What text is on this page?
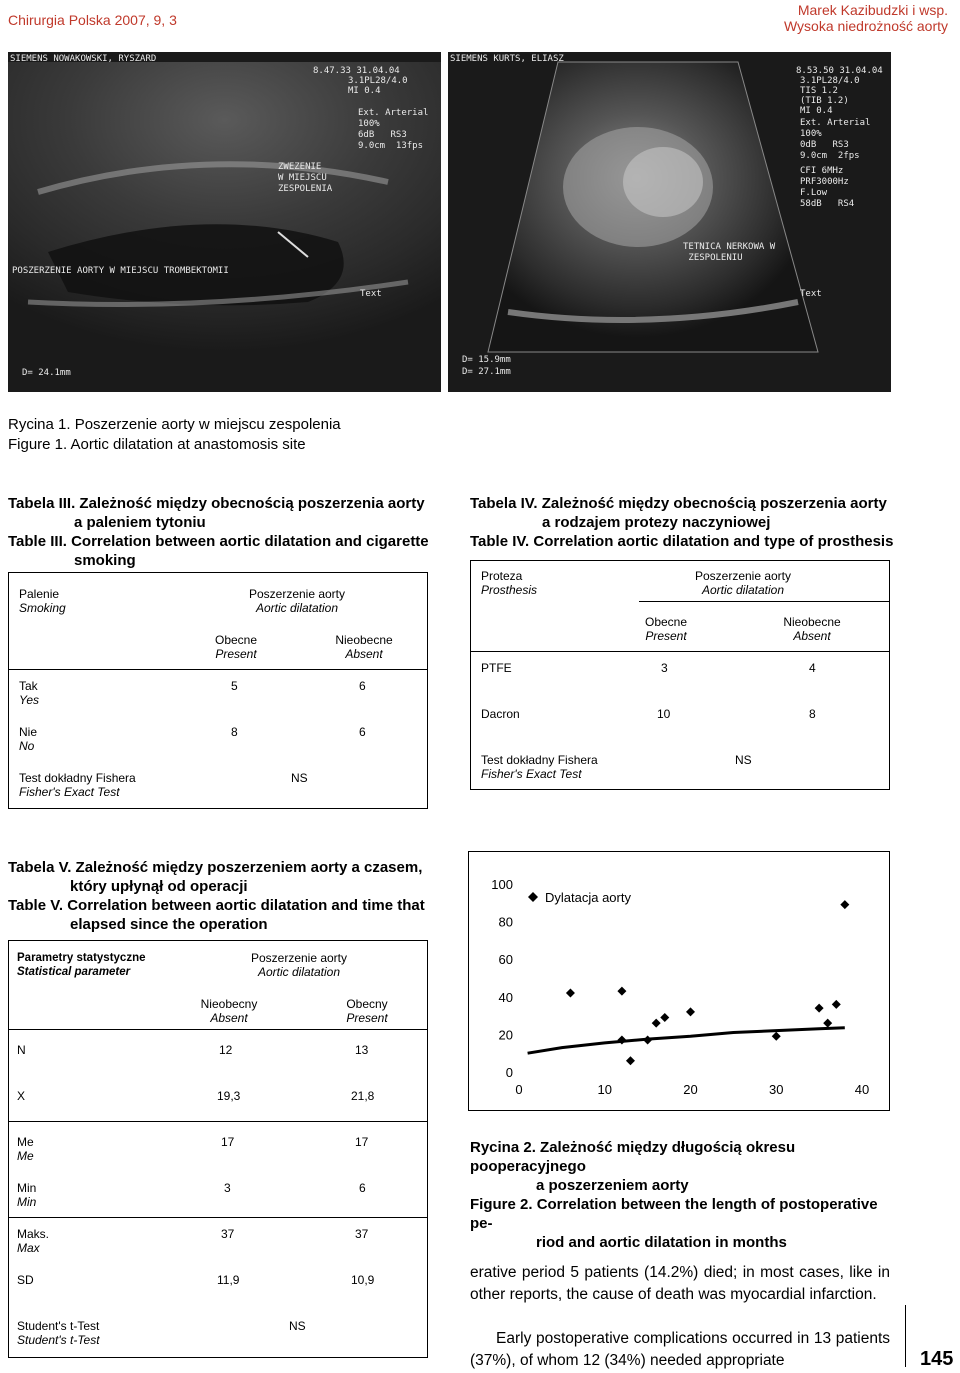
Chirurgia Polska 2007, 9, 3
Marek Kazibudzki i wsp.
Wysoka niedrożność aorty
SIEMENS NOWAKOWSKI, RYSZARD
8.47.33 31.04.04
3.1PL28/4.0
MI 0.4
Ext. Arterial
100%
6dB   RS3
9.0cm  13fps
ZWEZENIE
W MIEJSCU
ZESPOLENIA
POSZERZENIE AORTY W MIEJSCU TROMBEKTOMII
Text
D= 24.1mm
SIEMENS KURTS, ELIASZ
8.53.50 31.04.04
3.1PL28/4.0
TIS 1.2
(TIB 1.2)
MI 0.4
Ext. Arterial
100%
0dB   RS3
9.0cm  2fps
CFI 6MHz
PRF3000Hz
F.Low
58dB   RS4
TETNICA NERKOWA W
ZESPOLENIU
Text
D= 15.9mm
D= 27.1mm
Rycina 1. Poszerzenie aorty w miejscu zespolenia
Figure 1. Aortic dilatation at anastomosis site
Tabela III. Zależność między obecnością poszerzenia aorty
a paleniem tytoniu
Table III. Correlation between aortic dilatation and cigarette
smoking
Palenie
Smoking
Poszerzenie aorty
Aortic dilatation
Obecne
Present
Nieobecne
Absent
Tak
Yes
5	6
Nie
No
8	6
Test dokładny Fishera
Fisher's Exact Test
NS
Tabela IV. Zależność między obecnością poszerzenia aorty
a rodzajem protezy naczyniowej
Table IV. Correlation aortic dilatation and type of prosthesis
Proteza
Prosthesis
Poszerzenie aorty
Aortic dilatation
Obecne
Present
Nieobecne
Absent
PTFE	3	4
Dacron	10	8
Test dokładny Fishera
Fisher's Exact Test
NS
Tabela V. Zależność między poszerzeniem aorty a czasem,
który upłynął od operacji
Table V. Correlation between aortic dilatation and time that
elapsed since the operation
Parametry statystyczne
Statistical parameter
Poszerzenie aorty
Aortic dilatation
Nieobecny
Absent
Obecny
Present
N	12	13
X	19,3	21,8
Me
Me
17	17
Min
Min
3	6
Maks.
Max
37	37
SD	11,9	10,9
Student's t-Test
Student's t-Test
NS
0
20
40
60
80
100
0	10	20	30	40
Dylatacja aorty
Rycina 2. Zależność między długością okresu pooperacyjnego
a poszerzeniem aorty
Figure 2. Correlation between the length of postoperative pe-
riod and aortic dilatation in months
erative period 5 patients (14.2%) died; in most cases, like in other reports, the cause of death was myocardial infarction.
Early postoperative complications occurred in 13 patients (37%), of whom 12 (34%) needed appropriate	145
